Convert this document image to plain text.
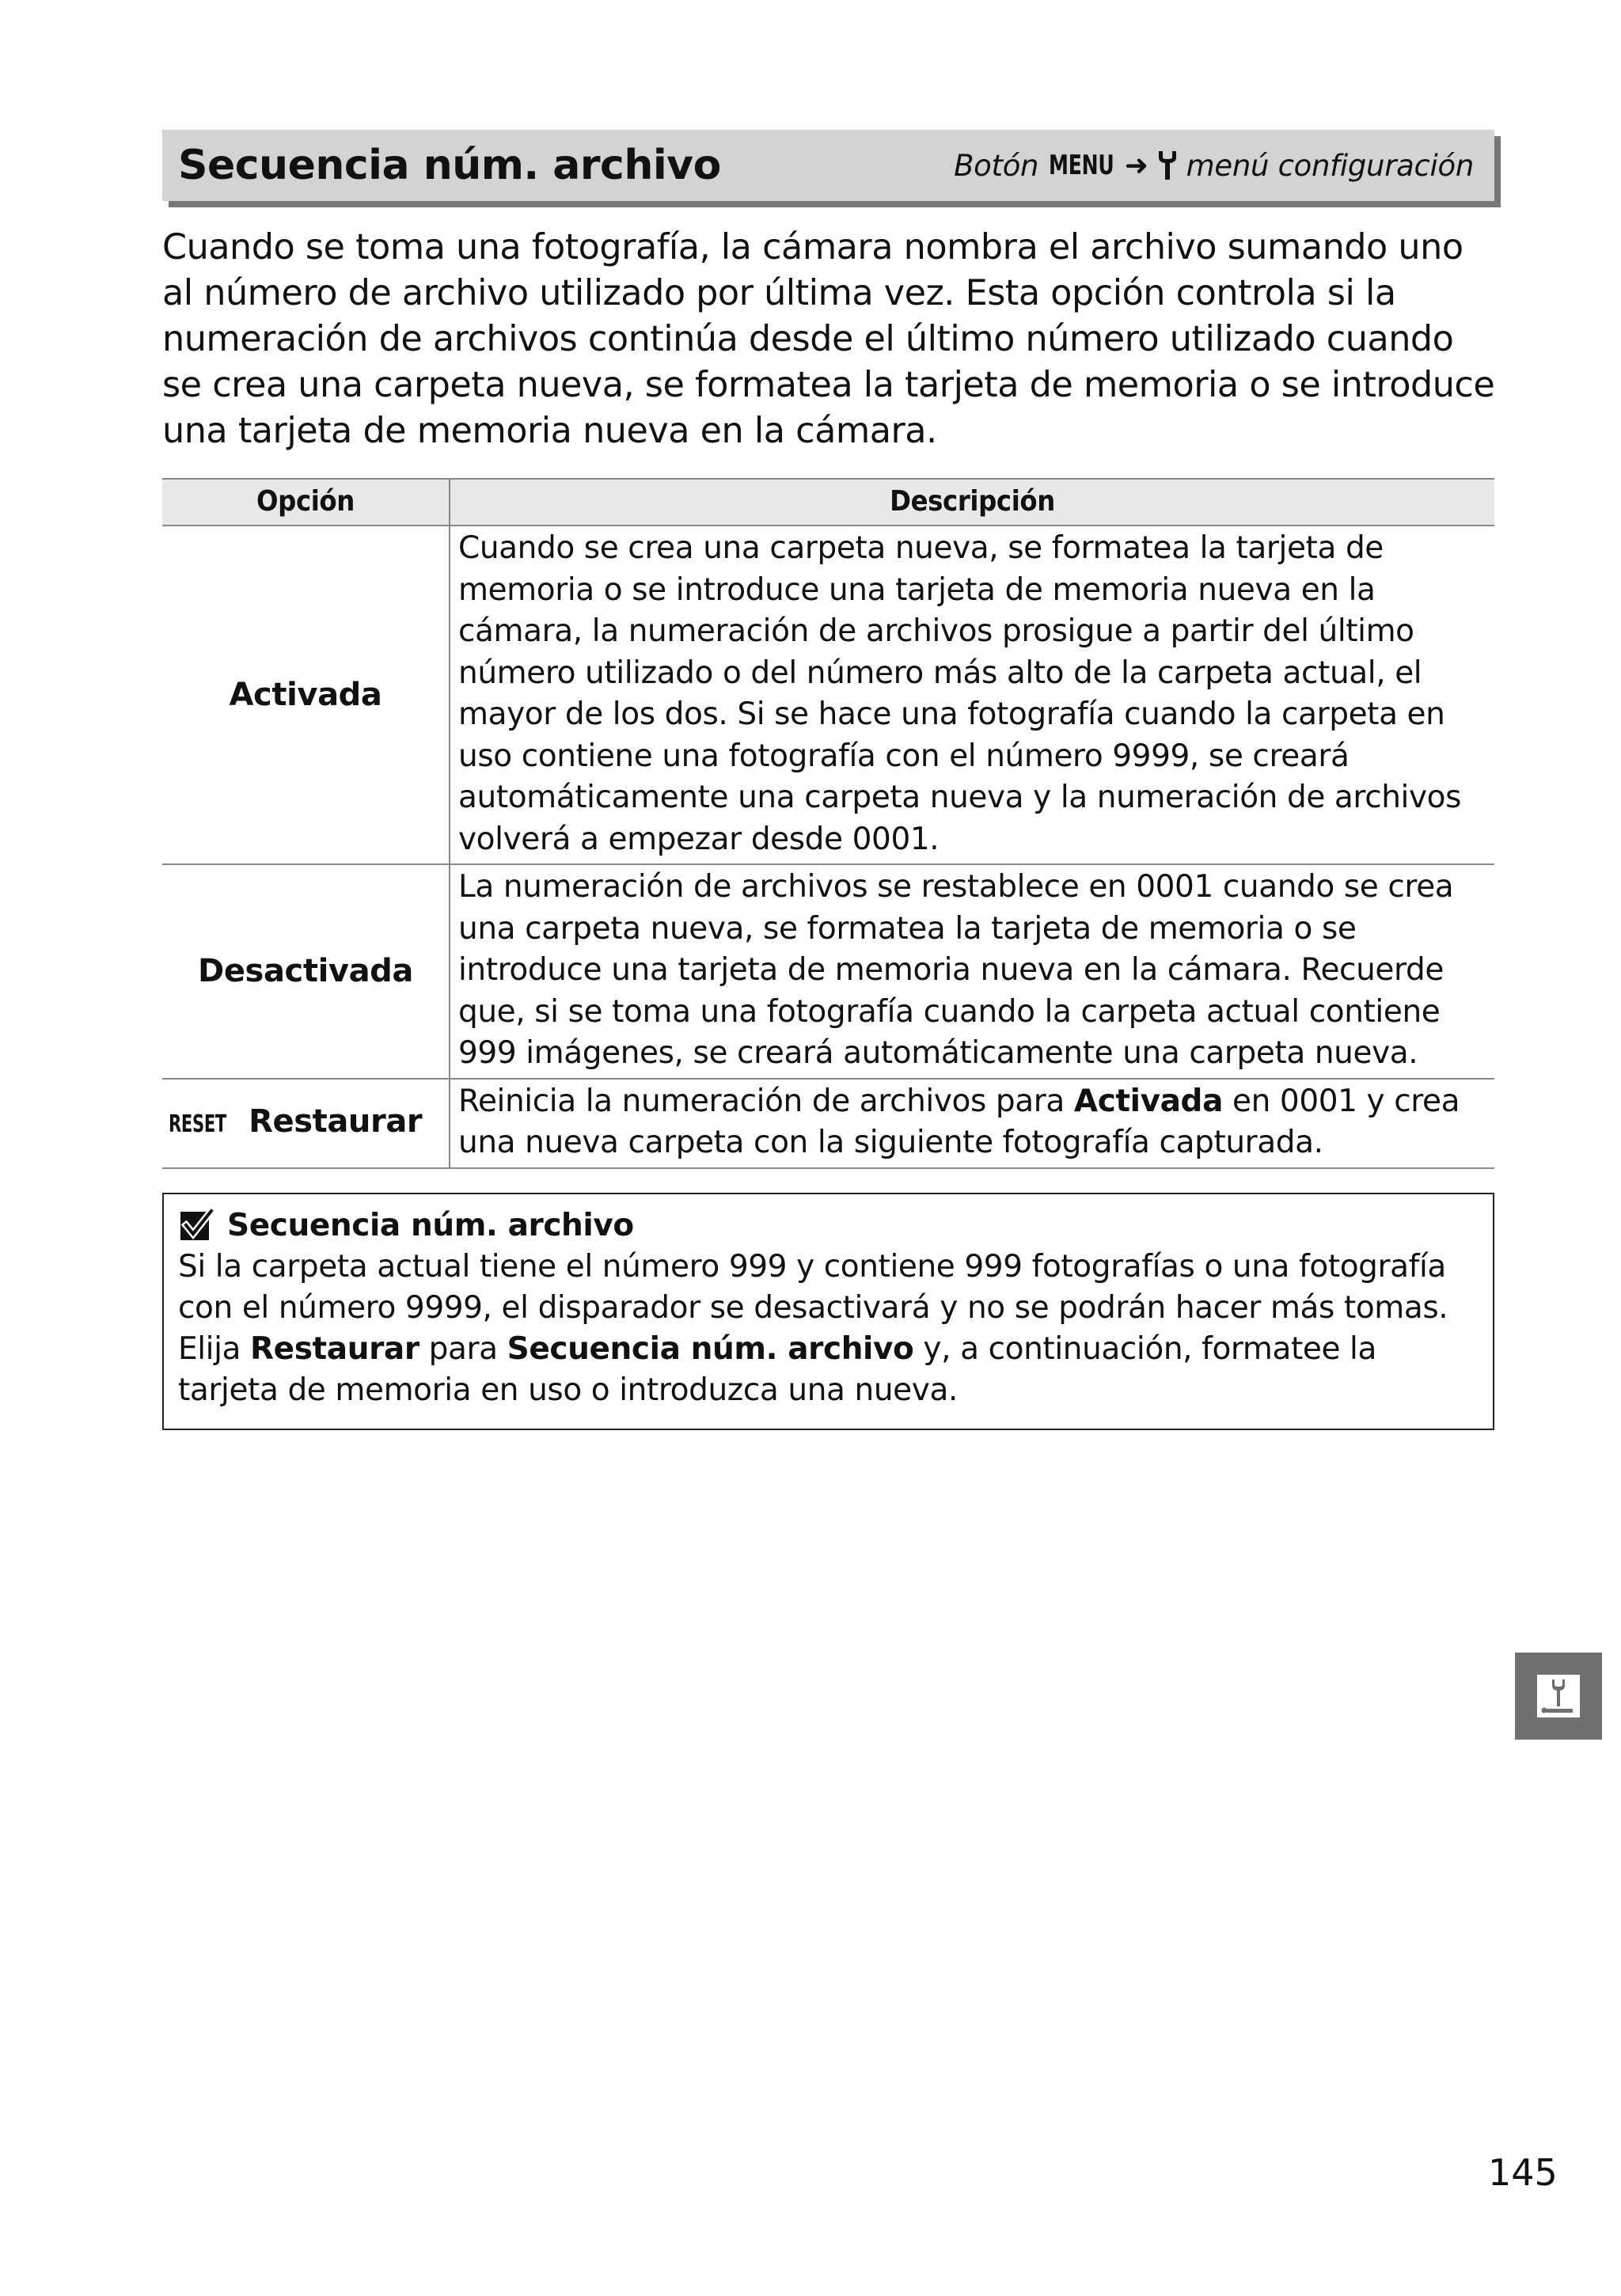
Secuencia núm. archivo	Botón MENU ➜ menú configuración
Cuando se toma una fotografía, la cámara nombra el archivo sumando uno al número de archivo utilizado por última vez. Esta opción controla si la numeración de archivos continúa desde el último número utilizado cuando se crea una carpeta nueva, se formatea la tarjeta de memoria o se introduce una tarjeta de memoria nueva en la cámara.
Opción	Descripción
Activada	Cuando se crea una carpeta nueva, se formatea la tarjeta de memoria o se introduce una tarjeta de memoria nueva en la cámara, la numeración de archivos prosigue a partir del último número utilizado o del número más alto de la carpeta actual, el mayor de los dos. Si se hace una fotografía cuando la carpeta en uso contiene una fotografía con el número 9999, se creará automáticamente una carpeta nueva y la numeración de archivos volverá a empezar desde 0001.
Desactivada	La numeración de archivos se restablece en 0001 cuando se crea una carpeta nueva, se formatea la tarjeta de memoria o se introduce una tarjeta de memoria nueva en la cámara. Recuerde que, si se toma una fotografía cuando la carpeta actual contiene 999 imágenes, se creará automáticamente una carpeta nueva.
RESET Restaurar	Reinicia la numeración de archivos para Activada en 0001 y crea una nueva carpeta con la siguiente fotografía capturada.
Secuencia núm. archivo
Si la carpeta actual tiene el número 999 y contiene 999 fotografías o una fotografía con el número 9999, el disparador se desactivará y no se podrán hacer más tomas. Elija Restaurar para Secuencia núm. archivo y, a continuación, formatee la tarjeta de memoria en uso o introduzca una nueva.
145
